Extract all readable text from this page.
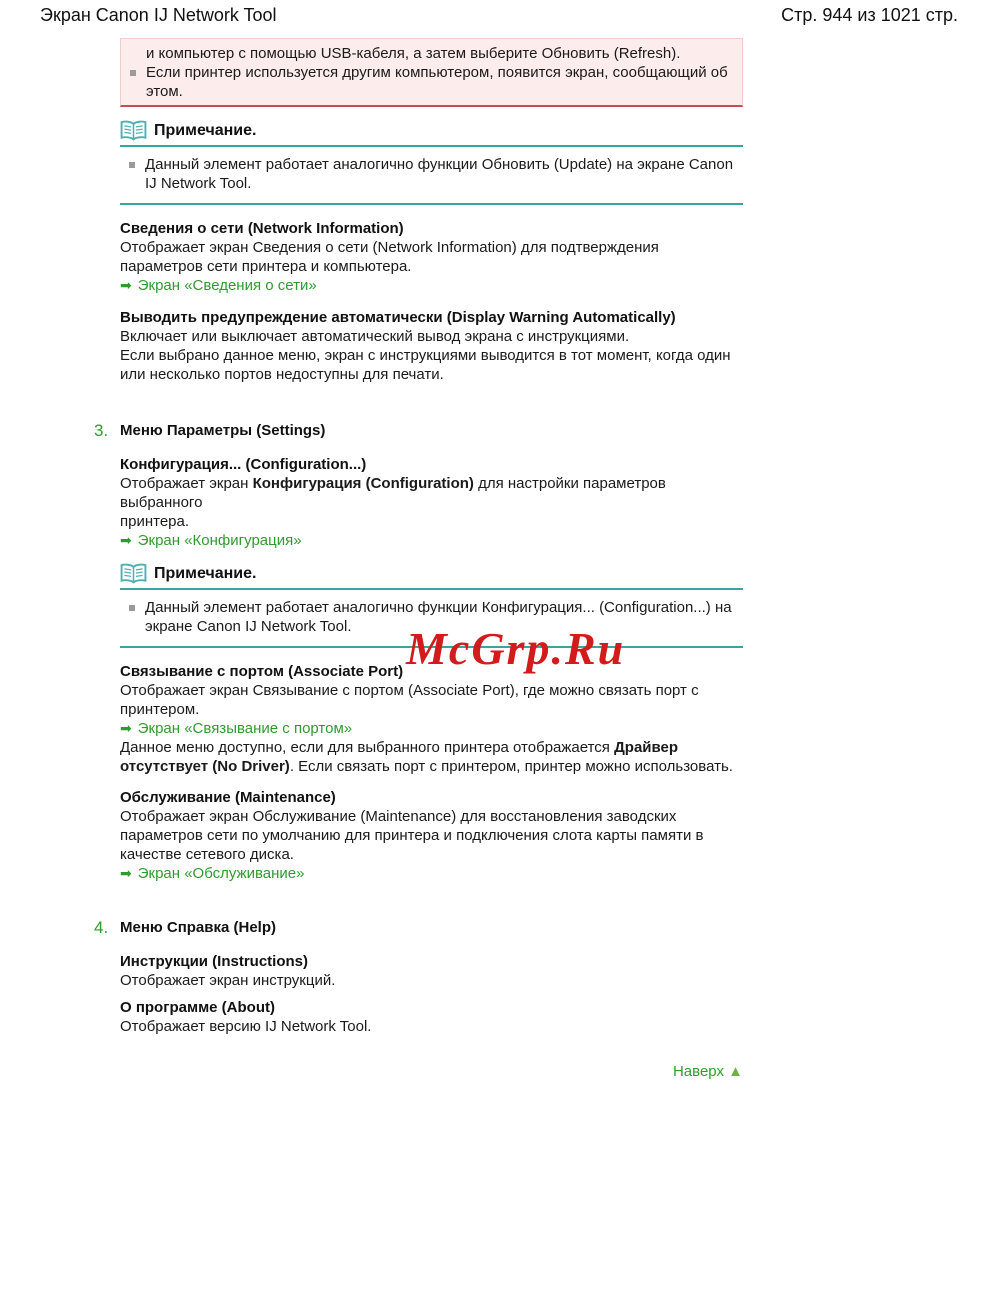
Экран Canon IJ Network Tool	Стр. 944 из 1021 стр.
и компьютер с помощью USB-кабеля, а затем выберите Обновить (Refresh).
Если принтер используется другим компьютером, появится экран, сообщающий об
этом.
Примечание.
Данный элемент работает аналогично функции Обновить (Update) на экране Canon
IJ Network Tool.
Сведения о сети (Network Information)
Отображает экран Сведения о сети (Network Information) для подтверждения
параметров сети принтера и компьютера.
➡ Экран «Сведения о сети»
Выводить предупреждение автоматически (Display Warning Automatically)
Включает или выключает автоматический вывод экрана с инструкциями.
Если выбрано данное меню, экран с инструкциями выводится в тот момент, когда один
или несколько портов недоступны для печати.
3. Меню Параметры (Settings)
Конфигурация... (Configuration...)
Отображает экран Конфигурация (Configuration) для настройки параметров выбранного
принтера.
➡ Экран «Конфигурация»
Примечание.
Данный элемент работает аналогично функции Конфигурация... (Configuration...) на
экране Canon IJ Network Tool.
Связывание с портом (Associate Port)
Отображает экран Связывание с портом (Associate Port), где можно связать порт с
принтером.
➡ Экран «Связывание с портом»
Данное меню доступно, если для выбранного принтера отображается Драйвер
отсутствует (No Driver). Если связать порт с принтером, принтер можно использовать.
Обслуживание (Maintenance)
Отображает экран Обслуживание (Maintenance) для восстановления заводских
параметров сети по умолчанию для принтера и подключения слота карты памяти в
качестве сетевого диска.
➡ Экран «Обслуживание»
4. Меню Справка (Help)
Инструкции (Instructions)
Отображает экран инструкций.
О программе (About)
Отображает версию IJ Network Tool.
Наверх ▲
McGrp.Ru
